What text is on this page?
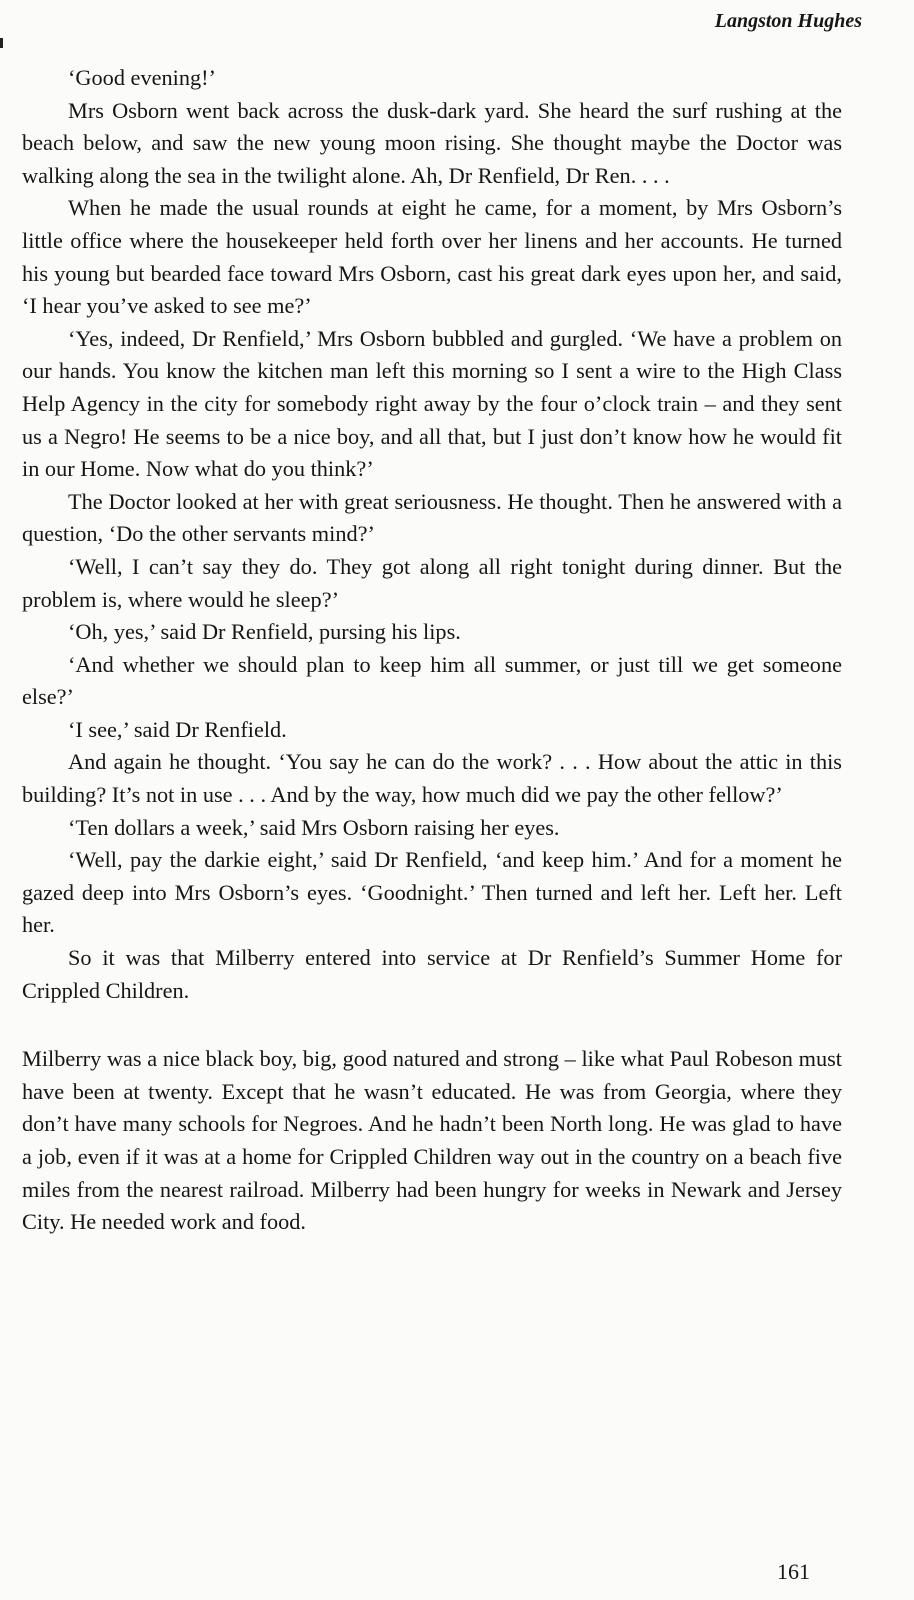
Langston Hughes

‘Good evening!’

Mrs Osborn went back across the dusk-dark yard. She heard the surf rushing at the beach below, and saw the new young moon rising. She thought maybe the Doctor was walking along the sea in the twilight alone. Ah, Dr Renfield, Dr Ren. . . .

When he made the usual rounds at eight he came, for a moment, by Mrs Osborn’s little office where the housekeeper held forth over her linens and her accounts. He turned his young but bearded face toward Mrs Osborn, cast his great dark eyes upon her, and said, ‘I hear you’ve asked to see me?’

‘Yes, indeed, Dr Renfield,’ Mrs Osborn bubbled and gurgled. ‘We have a problem on our hands. You know the kitchen man left this morning so I sent a wire to the High Class Help Agency in the city for somebody right away by the four o’clock train – and they sent us a Negro! He seems to be a nice boy, and all that, but I just don’t know how he would fit in our Home. Now what do you think?’

The Doctor looked at her with great seriousness. He thought. Then he answered with a question, ‘Do the other servants mind?’

‘Well, I can’t say they do. They got along all right tonight during dinner. But the problem is, where would he sleep?’

‘Oh, yes,’ said Dr Renfield, pursing his lips.

‘And whether we should plan to keep him all summer, or just till we get someone else?’

‘I see,’ said Dr Renfield.

And again he thought. ‘You say he can do the work? . . . How about the attic in this building? It’s not in use . . . And by the way, how much did we pay the other fellow?’

‘Ten dollars a week,’ said Mrs Osborn raising her eyes.

‘Well, pay the darkie eight,’ said Dr Renfield, ‘and keep him.’ And for a moment he gazed deep into Mrs Osborn’s eyes. ‘Goodnight.’ Then turned and left her. Left her. Left her.

So it was that Milberry entered into service at Dr Renfield’s Summer Home for Crippled Children.

Milberry was a nice black boy, big, good natured and strong – like what Paul Robeson must have been at twenty. Except that he wasn’t educated. He was from Georgia, where they don’t have many schools for Negroes. And he hadn’t been North long. He was glad to have a job, even if it was at a home for Crippled Children way out in the country on a beach five miles from the nearest railroad. Milberry had been hungry for weeks in Newark and Jersey City. He needed work and food.

161
